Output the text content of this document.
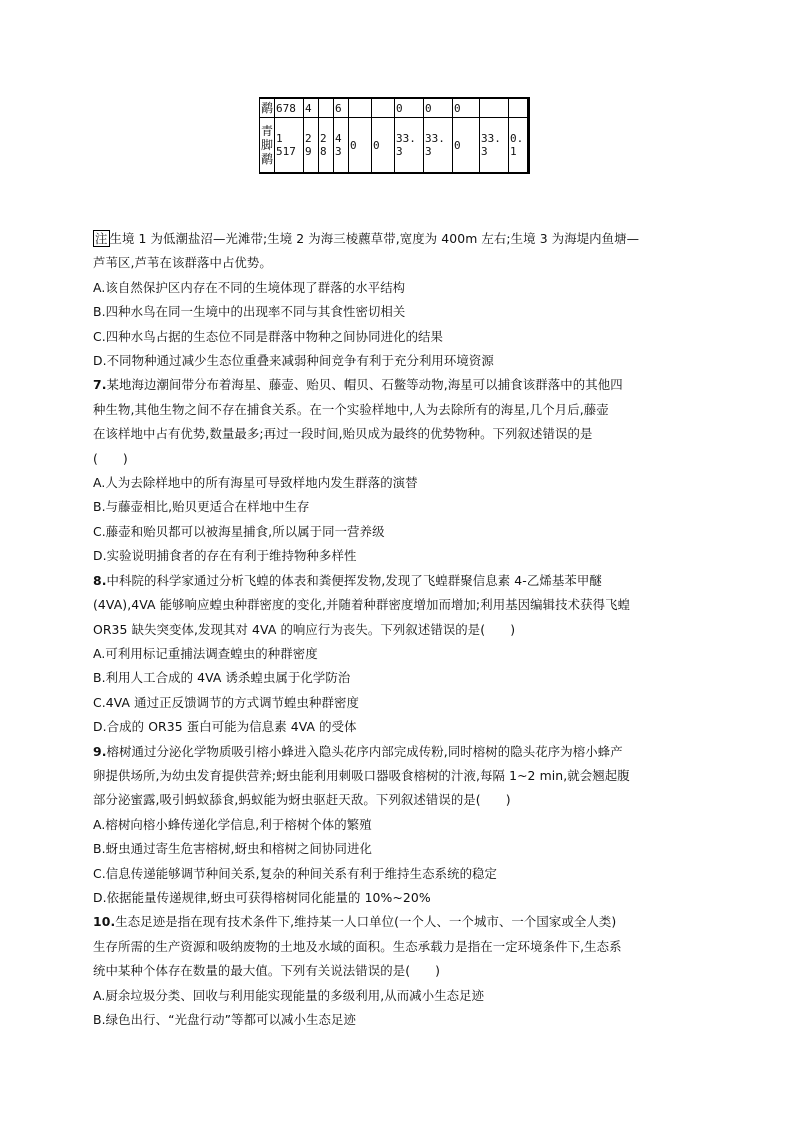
鹬	678	4		6			0	0	0		
青脚鹬	1 517	2 9	2 8	4 3	0	0	33. 3	33. 3	0	33. 3	0. 1

注 生境 1 为低潮盐沼—光滩带;生境 2 为海三棱藨草带,宽度为 400m 左右;生境 3 为海堤内鱼塘—

芦苇区,芦苇在该群落中占优势。

A.该自然保护区内存在不同的生境体现了群落的水平结构

B.四种水鸟在同一生境中的出现率不同与其食性密切相关

C.四种水鸟占据的生态位不同是群落中物种之间协同进化的结果

D.不同物种通过减少生态位重叠来减弱种间竞争有利于充分利用环境资源

7.某地海边潮间带分布着海星、藤壶、贻贝、帽贝、石鳖等动物,海星可以捕食该群落中的其他四

种生物,其他生物之间不存在捕食关系。在一个实验样地中,人为去除所有的海星,几个月后,藤壶

在该样地中占有优势,数量最多;再过一段时间,贻贝成为最终的优势物种。下列叙述错误的是

(　　)

A.人为去除样地中的所有海星可导致样地内发生群落的演替

B.与藤壶相比,贻贝更适合在样地中生存

C.藤壶和贻贝都可以被海星捕食,所以属于同一营养级

D.实验说明捕食者的存在有利于维持物种多样性

8.中科院的科学家通过分析飞蝗的体表和粪便挥发物,发现了飞蝗群聚信息素 4-乙烯基苯甲醚

(4VA),4VA 能够响应蝗虫种群密度的变化,并随着种群密度增加而增加;利用基因编辑技术获得飞蝗

OR35 缺失突变体,发现其对 4VA 的响应行为丧失。下列叙述错误的是(　　)

A.可利用标记重捕法调查蝗虫的种群密度

B.利用人工合成的 4VA 诱杀蝗虫属于化学防治

C.4VA 通过正反馈调节的方式调节蝗虫种群密度

D.合成的 OR35 蛋白可能为信息素 4VA 的受体

9.榕树通过分泌化学物质吸引榕小蜂进入隐头花序内部完成传粉,同时榕树的隐头花序为榕小蜂产

卵提供场所,为幼虫发育提供营养;蚜虫能利用刺吸口器吸食榕树的汁液,每隔 1~2 min,就会翘起腹

部分泌蜜露,吸引蚂蚁舔食,蚂蚁能为蚜虫驱赶天敌。下列叙述错误的是(　　)

A.榕树向榕小蜂传递化学信息,利于榕树个体的繁殖

B.蚜虫通过寄生危害榕树,蚜虫和榕树之间协同进化

C.信息传递能够调节种间关系,复杂的种间关系有利于维持生态系统的稳定

D.依据能量传递规律,蚜虫可获得榕树同化能量的 10%~20%

10.生态足迹是指在现有技术条件下,维持某一人口单位(一个人、一个城市、一个国家或全人类)

生存所需的生产资源和吸纳废物的土地及水域的面积。生态承载力是指在一定环境条件下,生态系

统中某种个体存在数量的最大值。下列有关说法错误的是(　　)

A.厨余垃圾分类、回收与利用能实现能量的多级利用,从而减小生态足迹

B.绿色出行、“光盘行动”等都可以减小生态足迹
